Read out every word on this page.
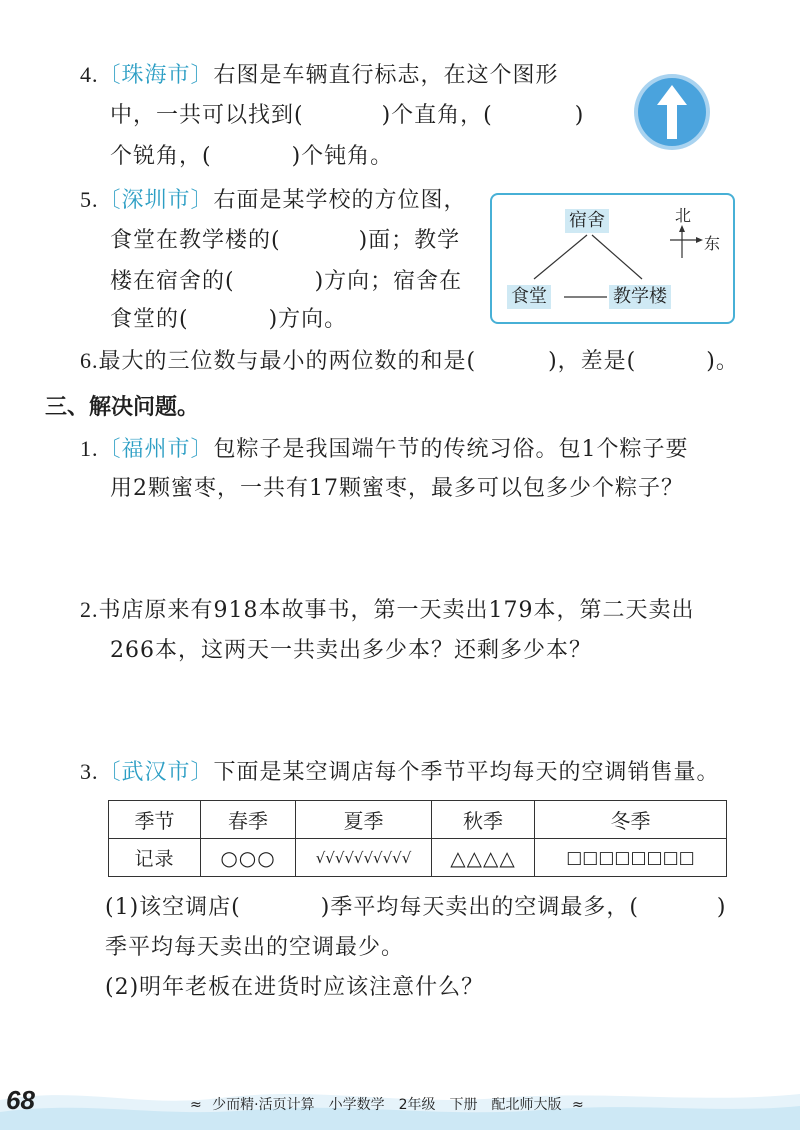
4.〔珠海市〕右图是车辆直行标志，在这个图形
中，一共可以找到(	)个直角，(	)
个锐角，(	)个钝角。
5.〔深圳市〕右面是某学校的方位图，
食堂在教学楼的(	)面；教学
楼在宿舍的(	)方向；宿舍在
食堂的(	)方向。
宿舍
食堂	教学楼
北
东
6.最大的三位数与最小的两位数的和是(	)，差是(	)。
三、解决问题。
1.〔福州市〕包粽子是我国端午节的传统习俗。包1个粽子要
用2颗蜜枣，一共有17颗蜜枣，最多可以包多少个粽子？
2.书店原来有918本故事书，第一天卖出179本，第二天卖出
266本，这两天一共卖出多少本？还剩多少本？
3.〔武汉市〕下面是某空调店每个季节平均每天的空调销售量。
季节	春季	夏季	秋季	冬季
记录	○○○	√√√√√√√√√√	△△△△	□□□□□□□□
(1)该空调店(	)季平均每天卖出的空调最多，(	)
季平均每天卖出的空调最少。
(2)明年老板在进货时应该注意什么？
68	≈ 少而精·活页计算　小学数学　2年级　下册　配北师大版 ≈
